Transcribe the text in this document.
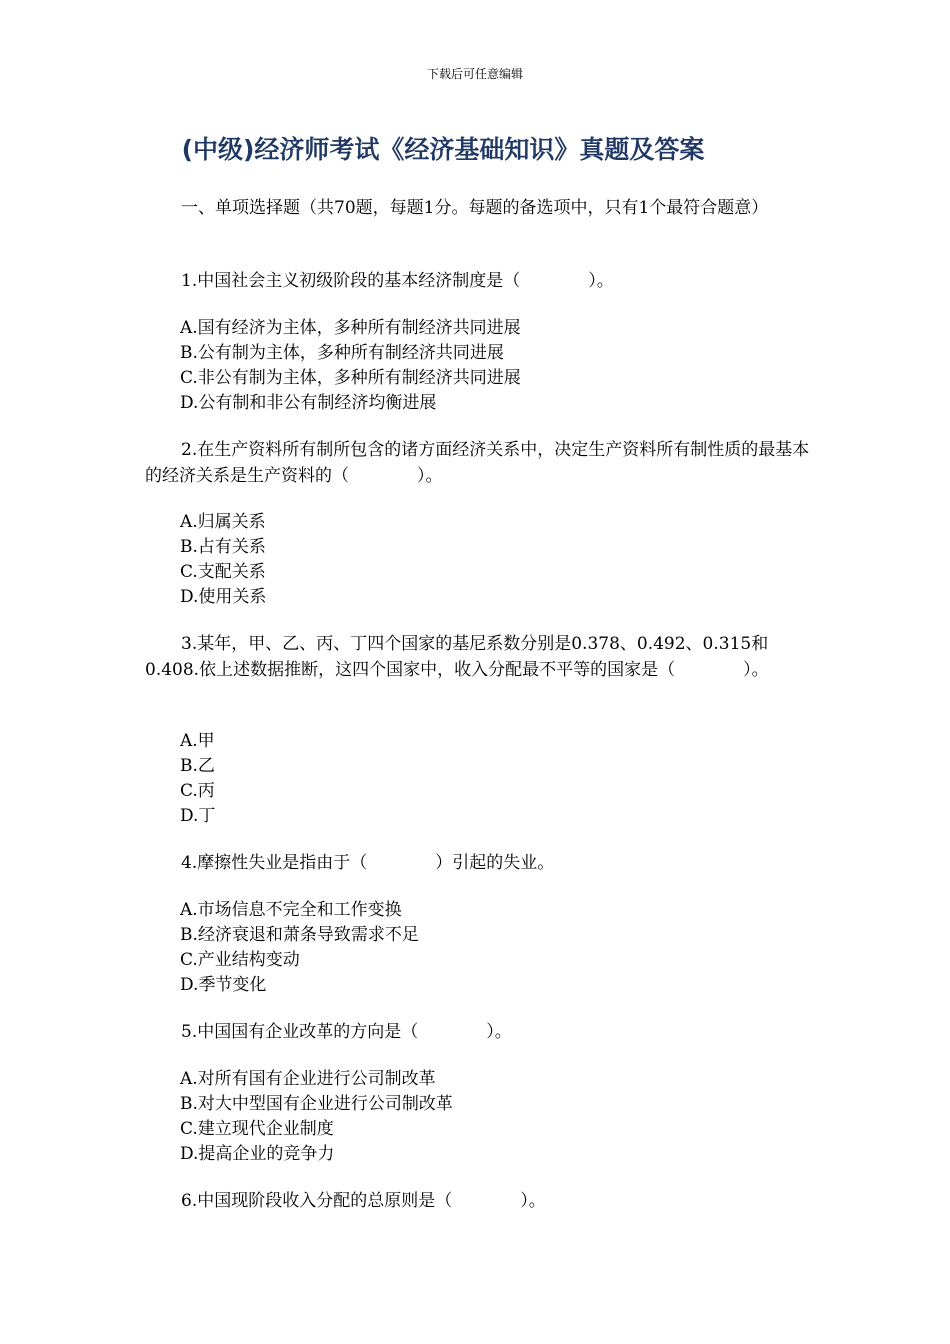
下载后可任意编辑
(中级)经济师考试《经济基础知识》真题及答案
一、单项选择题（共70题，每题1分。每题的备选项中，只有1个最符合题意）
1.中国社会主义初级阶段的基本经济制度是（　　　　）。
A.国有经济为主体，多种所有制经济共同进展
B.公有制为主体，多种所有制经济共同进展
C.非公有制为主体，多种所有制经济共同进展
D.公有制和非公有制经济均衡进展
2.在生产资料所有制所包含的诸方面经济关系中，决定生产资料所有制性质的最基本的经济关系是生产资料的（　　　　）。
A.归属关系
B.占有关系
C.支配关系
D.使用关系
3.某年，甲、乙、丙、丁四个国家的基尼系数分别是0.378、0.492、0.315和0.408.依上述数据推断，这四个国家中，收入分配最不平等的国家是（　　　　）。
A.甲
B.乙
C.丙
D.丁
4.摩擦性失业是指由于（　　　　）引起的失业。
A.市场信息不完全和工作变换
B.经济衰退和萧条导致需求不足
C.产业结构变动
D.季节变化
5.中国国有企业改革的方向是（　　　　）。
A.对所有国有企业进行公司制改革
B.对大中型国有企业进行公司制改革
C.建立现代企业制度
D.提高企业的竞争力
6.中国现阶段收入分配的总原则是（　　　　）。
